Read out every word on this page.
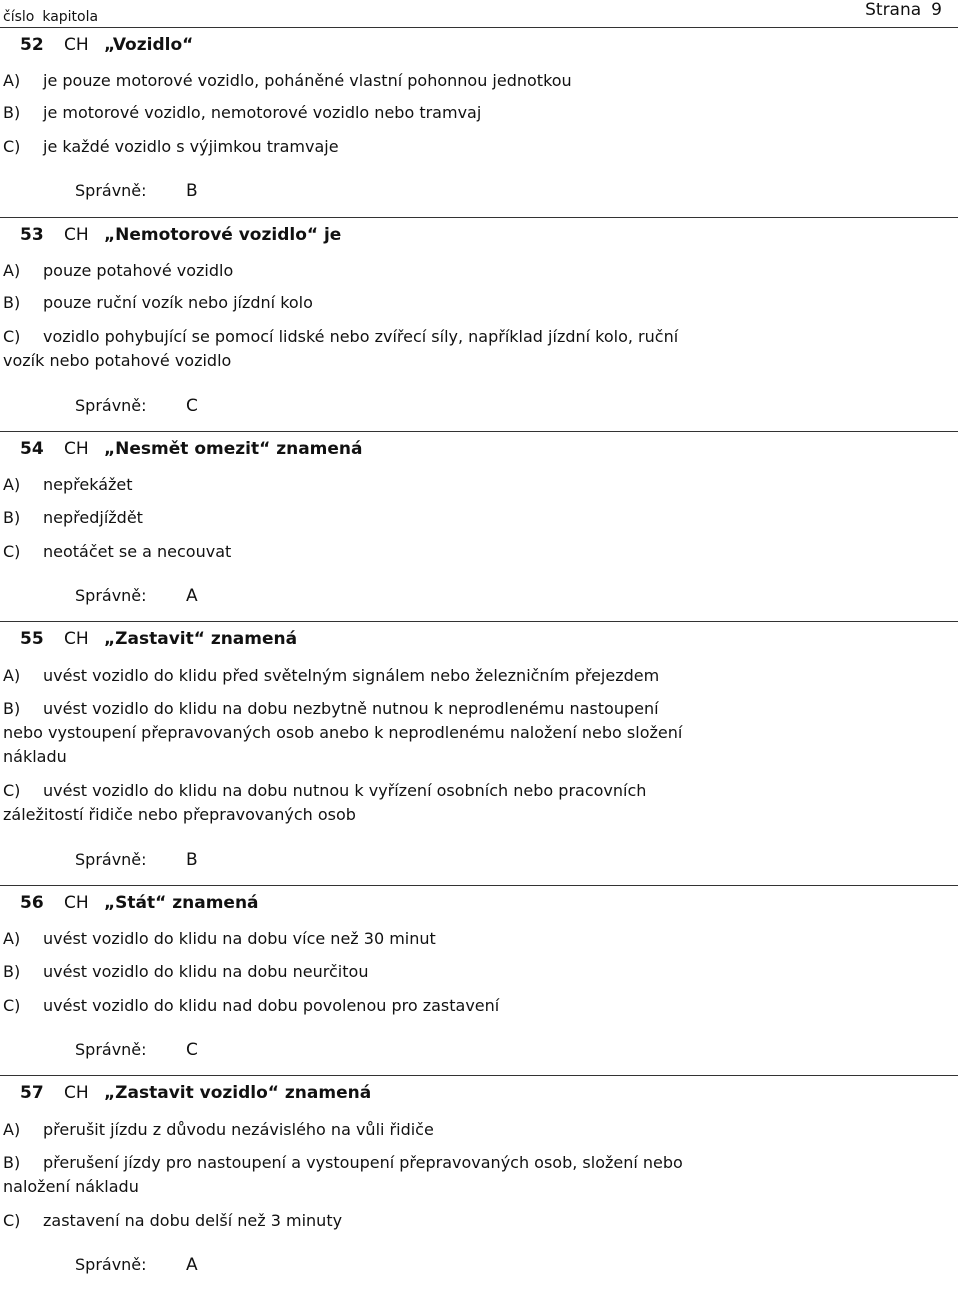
číslo kapitola	Strana 9
52 CH „Vozidlo“
A) je pouze motorové vozidlo, poháněné vlastní pohonnou jednotkou
B) je motorové vozidlo, nemotorové vozidlo nebo tramvaj
C) je každé vozidlo s výjimkou tramvaje
Správně: B
53 CH „Nemotorové vozidlo“ je
A) pouze potahové vozidlo
B) pouze ruční vozík nebo jízdní kolo
C) vozidlo pohybující se pomocí lidské nebo zvířecí síly, například jízdní kolo, ruční vozík nebo potahové vozidlo
Správně: C
54 CH „Nesmět omezit“ znamená
A) nepřekážet
B) nepředjíždět
C) neotáčet se a necouvat
Správně: A
55 CH „Zastavit“ znamená
A) uvést vozidlo do klidu před světelným signálem nebo železničním přejezdem
B) uvést vozidlo do klidu na dobu nezbytně nutnou k neprodlenému nastoupení nebo vystoupení přepravovaných osob anebo k neprodlenému naložení nebo složení nákladu
C) uvést vozidlo do klidu na dobu nutnou k vyřízení osobních nebo pracovních záležitostí řidiče nebo přepravovaných osob
Správně: B
56 CH „Stát“ znamená
A) uvést vozidlo do klidu na dobu více než 30 minut
B) uvést vozidlo do klidu na dobu neurčitou
C) uvést vozidlo do klidu nad dobu povolenou pro zastavení
Správně: C
57 CH „Zastavit vozidlo“ znamená
A) přerušit jízdu z důvodu nezávislého na vůli řidiče
B) přerušení jízdy pro nastoupení a vystoupení přepravovaných osob, složení nebo naložení nákladu
C) zastavení na dobu delší než 3 minuty
Správně: A
